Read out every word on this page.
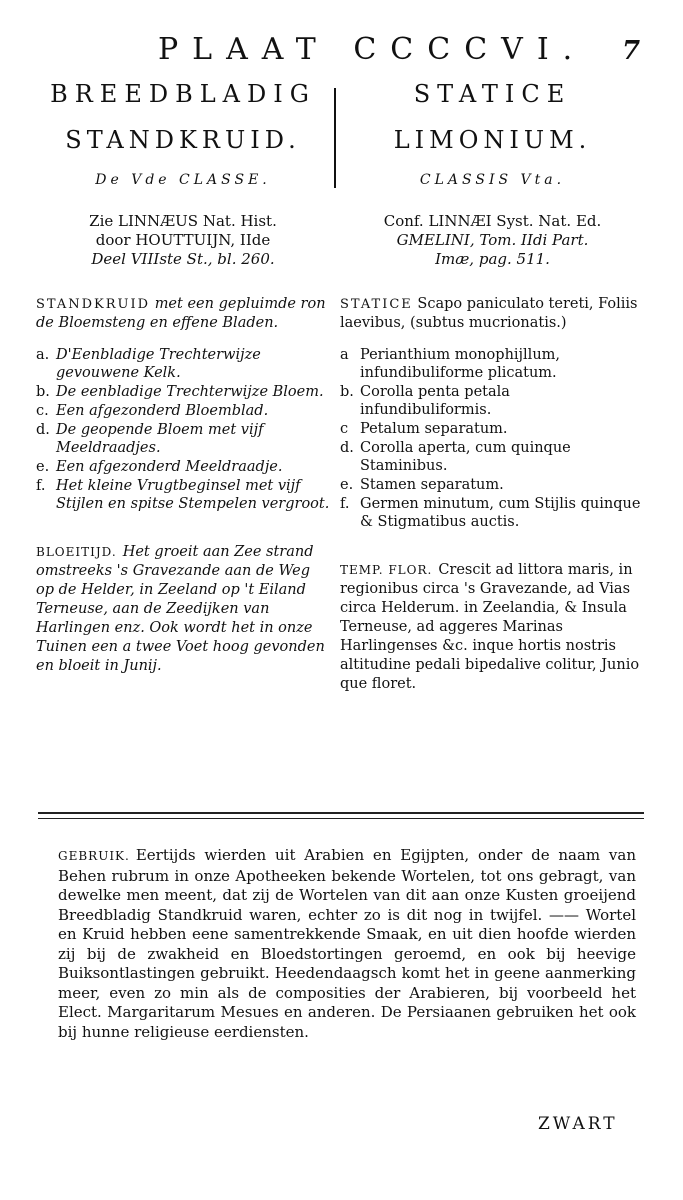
PLAAT CCCCVI. 7
BREEDBLADIG
STANDKRUID.
De Vde CLASSE.
Zie LINNÆUS Nat. Hist.
door HOUTTUIJN, IIde
Deel VIIIste St., bl. 260.
STANDKRUID met een gepluimde ron de Bloemsteng en effene Bladen.
a. D'Eenbladige Trechterwijze gevouwene Kelk.
b. De eenbladige Trechterwijze Bloem.
c. Een afgezonderd Bloemblad.
d. De geopende Bloem met vijf Meeldraadjes.
e. Een afgezonderd Meeldraadje.
f. Het kleine Vrugtbeginsel met vijf Stijlen en spitse Stempelen vergroot.
BLOEITIJD. Het groeit aan Zee strand omstreeks 's Gravezande aan de Weg op de Helder, in Zeeland op 't Eiland Terneuse, aan de Zeedijken van Harlingen enz. Ook wordt het in onze Tuinen een a twee Voet hoog gevonden en bloeit in Junij.
STATICE
LIMONIUM.
CLASSIS Vta.
Conf. LINNÆI Syst. Nat. Ed.
GMELINI, Tom. IIdi Part.
Imæ, pag. 511.
STATICE Scapo paniculato tereti, Foliis laevibus, (subtus mucrionatis.)
a Perianthium monophijllum, infundibuliforme plicatum.
b. Corolla penta petala infundibuliformis.
c Petalum separatum.
d. Corolla aperta, cum quinque Staminibus.
e. Stamen separatum.
f. Germen minutum, cum Stijlis quinque & Stigmatibus auctis.
TEMP. FLOR. Crescit ad littora maris, in regionibus circa 's Gravezande, ad Vias circa Helderum. in Zeelandia, & Insula Terneuse, ad aggeres Marinas Harlingenses &c. inque hortis nostris altitudine pedali bipedalive colitur, Junio que floret.
GEBRUIK. Eertijds wierden uit Arabien en Egijpten, onder de naam van Behen rubrum in onze Apotheeken bekende Wortelen, tot ons gebragt, van dewelke men meent, dat zij de Wortelen van dit aan onze Kusten groeijend Breedbladig Standkruid waren, echter zo is dit nog in twijfel. —— Wortel en Kruid hebben eene samentrekkende Smaak, en uit dien hoofde wierden zij bij de zwakheid en Bloedstortingen geroemd, en ook bij heevige Buiksontlastingen gebruikt. Heedendaagsch komt het in geene aanmerking meer, even zo min als de composities der Arabieren, bij voorbeeld het Elect. Margaritarum Mesues en anderen. De Persiaanen gebruiken het ook bij hunne religieuse eerdiensten.
ZWART
